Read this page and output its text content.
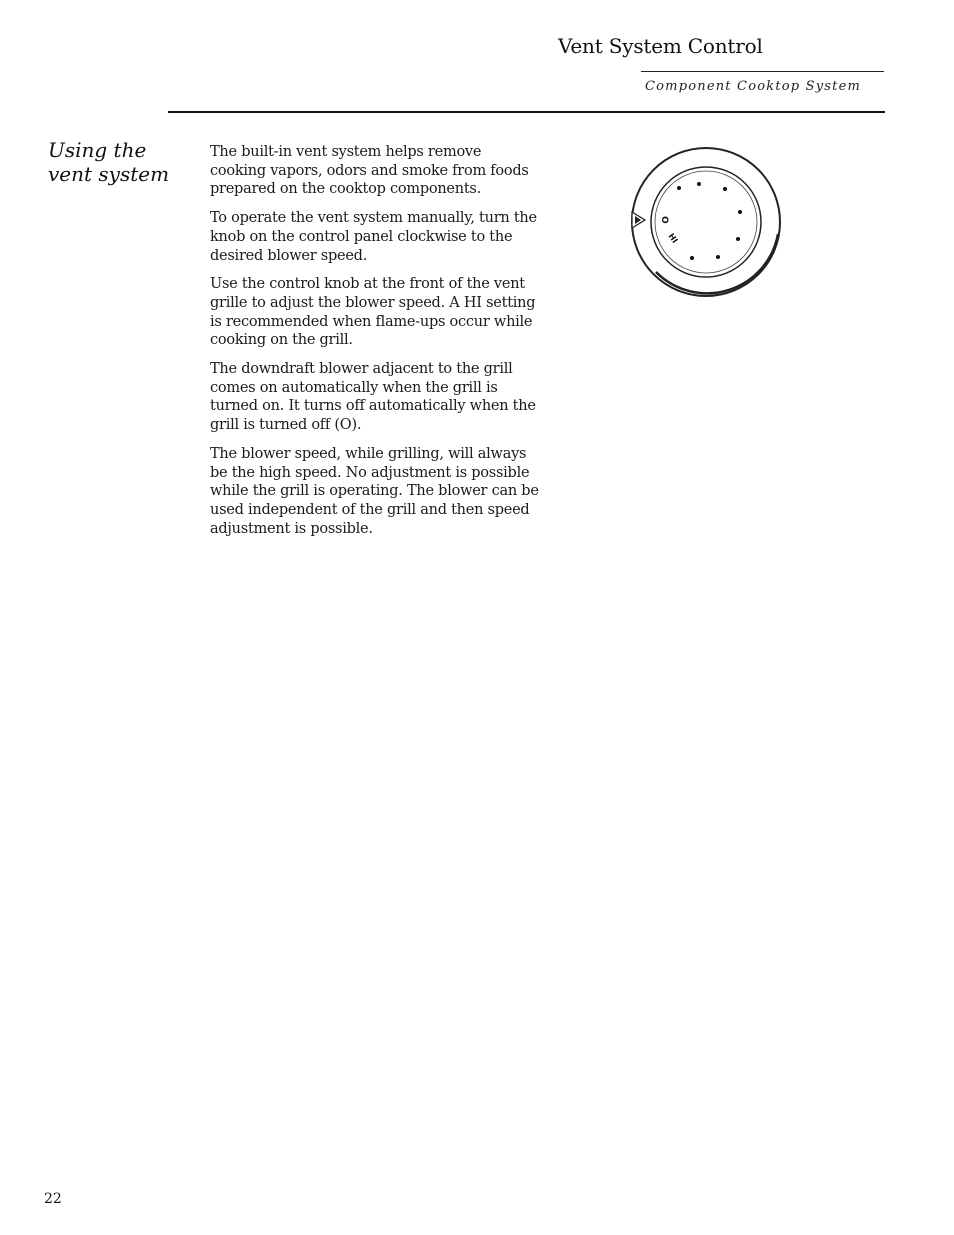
Vent System Control
Component Cooktop System
Using the
vent system

The built-in vent system helps remove cooking vapors, odors and smoke from foods prepared on the cooktop components.

To operate the vent system manually, turn the knob on the control panel clockwise to the desired blower speed.

Use the control knob at the front of the vent grille to adjust the blower speed. A HI setting is recommended when flame-ups occur while cooking on the grill.

The downdraft blower adjacent to the grill comes on automatically when the grill is turned on. It turns off automatically when the grill is turned off (O).

The blower speed, while grilling, will always be the high speed. No adjustment is possible while the grill is operating. The blower can be used independent of the grill and then speed adjustment is possible.

O
HI
22
